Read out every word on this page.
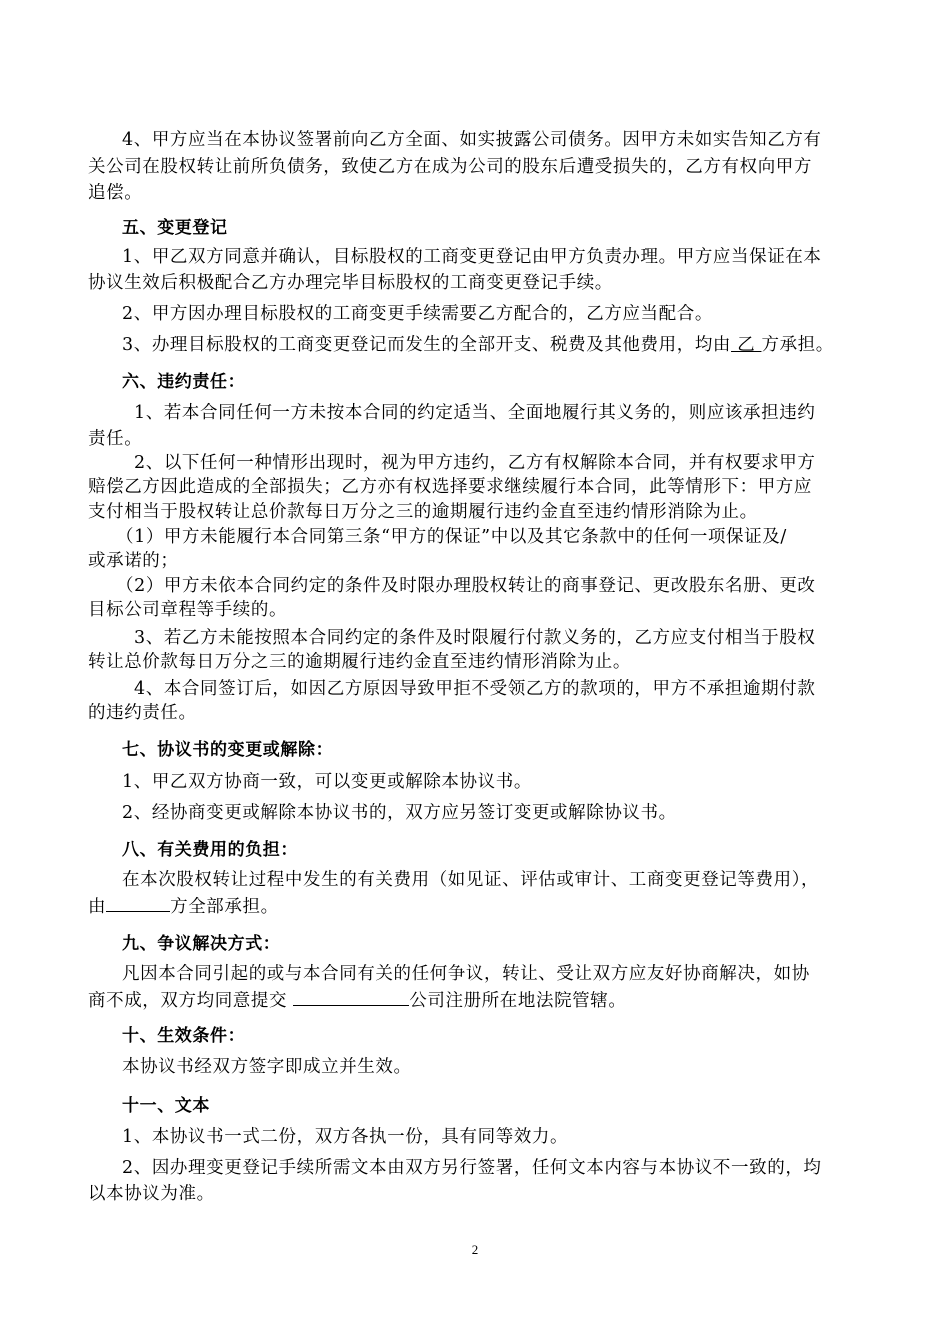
4、甲方应当在本协议签署前向乙方全面、如实披露公司债务。因甲方未如实告知乙方有
关公司在股权转让前所负债务，致使乙方在成为公司的股东后遭受损失的，乙方有权向甲方
追偿。
五、变更登记
1、甲乙双方同意并确认，目标股权的工商变更登记由甲方负责办理。甲方应当保证在本
协议生效后积极配合乙方办理完毕目标股权的工商变更登记手续。
2、甲方因办理目标股权的工商变更手续需要乙方配合的，乙方应当配合。
3、办理目标股权的工商变更登记而发生的全部开支、税费及其他费用，均由 乙 方承担。
六、违约责任：
1、若本合同任何一方未按本合同的约定适当、全面地履行其义务的，则应该承担违约
责任。
2、以下任何一种情形出现时，视为甲方违约，乙方有权解除本合同，并有权要求甲方
赔偿乙方因此造成的全部损失；乙方亦有权选择要求继续履行本合同，此等情形下：甲方应
支付相当于股权转让总价款每日万分之三的逾期履行违约金直至违约情形消除为止。
（1）甲方未能履行本合同第三条“甲方的保证”中以及其它条款中的任何一项保证及/
或承诺的；
（2）甲方未依本合同约定的条件及时限办理股权转让的商事登记、更改股东名册、更改
目标公司章程等手续的。
3、若乙方未能按照本合同约定的条件及时限履行付款义务的，乙方应支付相当于股权
转让总价款每日万分之三的逾期履行违约金直至违约情形消除为止。
4、本合同签订后，如因乙方原因导致甲拒不受领乙方的款项的，甲方不承担逾期付款
的违约责任。
七、协议书的变更或解除：
1、甲乙双方协商一致，可以变更或解除本协议书。
2、经协商变更或解除本协议书的，双方应另签订变更或解除协议书。
八、有关费用的负担：
在本次股权转让过程中发生的有关费用（如见证、评估或审计、工商变更登记等费用），
由	方全部承担。
九、争议解决方式：
凡因本合同引起的或与本合同有关的任何争议，转让、受让双方应友好协商解决，如协
商不成，双方均同意提交	公司注册所在地法院管辖。
十、生效条件：
本协议书经双方签字即成立并生效。
十一、文本
1、本协议书一式二份，双方各执一份，具有同等效力。
2、因办理变更登记手续所需文本由双方另行签署，任何文本内容与本协议不一致的，均
以本协议为准。
2
